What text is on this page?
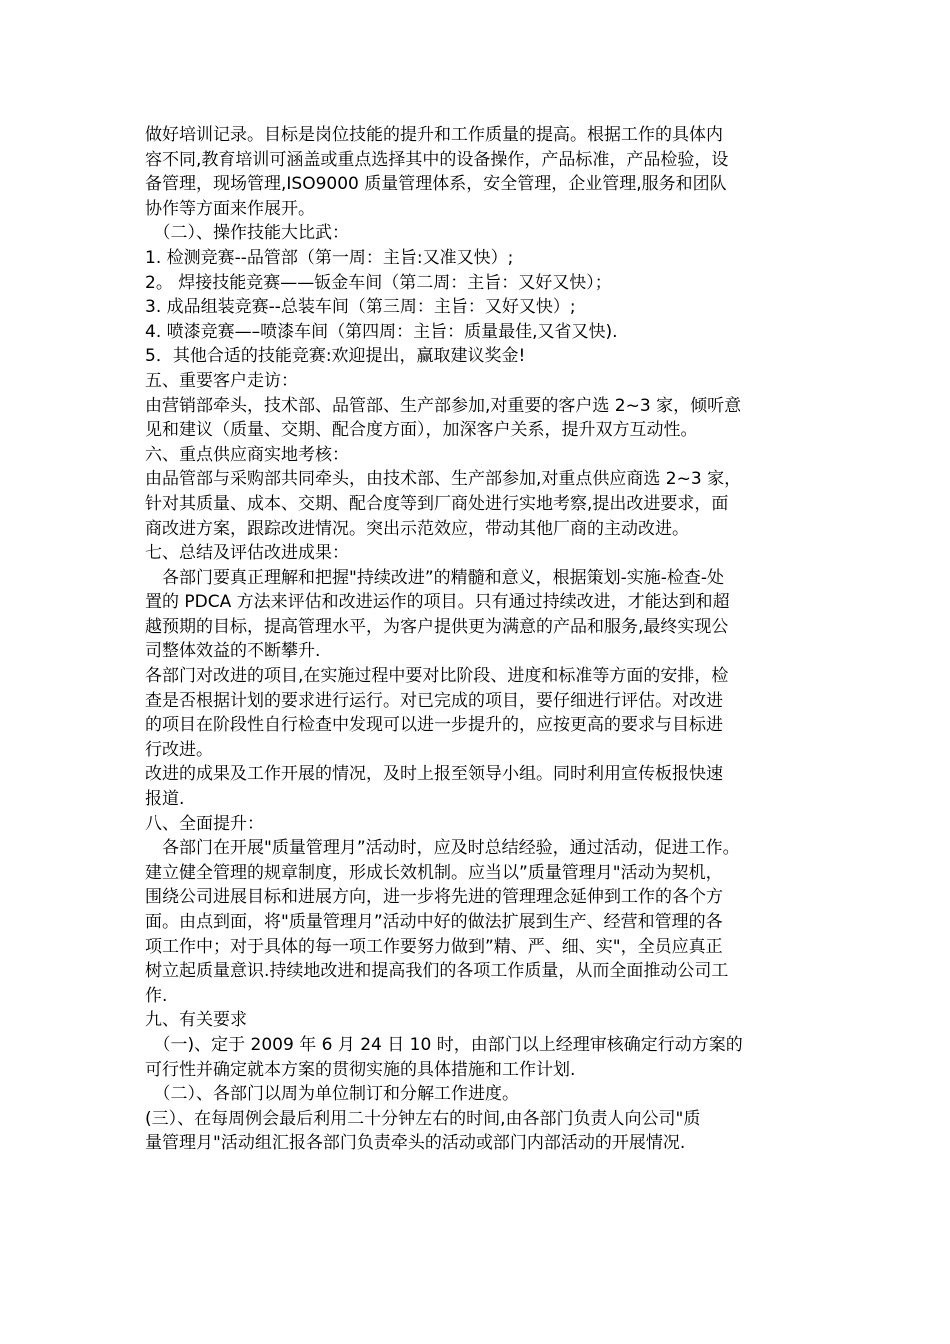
做好培训记录。目标是岗位技能的提升和工作质量的提高。根据工作的具体内
容不同,教育培训可涵盖或重点选择其中的设备操作，产品标准，产品检验，设
备管理，现场管理,ISO9000 质量管理体系，安全管理，企业管理,服务和团队
协作等方面来作展开。
　（二）、操作技能大比武：
1. 检测竞赛--品管部（第一周：主旨:又准又快）;
2。 焊接技能竞赛——钣金车间（第二周：主旨：又好又快）；
3. 成品组装竞赛--总装车间（第三周：主旨：又好又快）;
4. 喷漆竞赛—–喷漆车间（第四周：主旨：质量最佳,又省又快).
5．其他合适的技能竞赛:欢迎提出，赢取建议奖金!
五、重要客户走访：
由营销部牵头，技术部、品管部、生产部参加,对重要的客户选 2~3 家，倾听意
见和建议（质量、交期、配合度方面），加深客户关系，提升双方互动性。
六、重点供应商实地考核：
由品管部与采购部共同牵头，由技术部、生产部参加,对重点供应商选 2~3 家，
针对其质量、成本、交期、配合度等到厂商处进行实地考察,提出改进要求，面
商改进方案，跟踪改进情况。突出示范效应，带动其他厂商的主动改进。
七、总结及评估改进成果：
　各部门要真正理解和把握"持续改进”的精髓和意义，根据策划-实施-检查-处
置的 PDCA 方法来评估和改进运作的项目。只有通过持续改进，才能达到和超
越预期的目标，提高管理水平，为客户提供更为满意的产品和服务,最终实现公
司整体效益的不断攀升.
各部门对改进的项目,在实施过程中要对比阶段、进度和标准等方面的安排，检
查是否根据计划的要求进行运行。对已完成的项目，要仔细进行评估。对改进
的项目在阶段性自行检查中发现可以进一步提升的，应按更高的要求与目标进
行改进。
改进的成果及工作开展的情况，及时上报至领导小组。同时利用宣传板报快速
报道.
八、全面提升：
　各部门在开展"质量管理月”活动时，应及时总结经验，通过活动，促进工作。
建立健全管理的规章制度，形成长效机制。应当以”质量管理月"活动为契机，
围绕公司进展目标和进展方向，进一步将先进的管理理念延伸到工作的各个方
面。由点到面，将"质量管理月”活动中好的做法扩展到生产、经营和管理的各
项工作中；对于具体的每一项工作要努力做到”精、严、细、实"，全员应真正
树立起质量意识.持续地改进和提高我们的各项工作质量，从而全面推动公司工
作.
九、有关要求
　（一)、定于 2009 年 6 月 24 日 10 时，由部门以上经理审核确定行动方案的
可行性并确定就本方案的贯彻实施的具体措施和工作计划.
　（二）、各部门以周为单位制订和分解工作进度。
(三）、在每周例会最后利用二十分钟左右的时间,由各部门负责人向公司"质
量管理月"活动组汇报各部门负责牵头的活动或部门内部活动的开展情况.
